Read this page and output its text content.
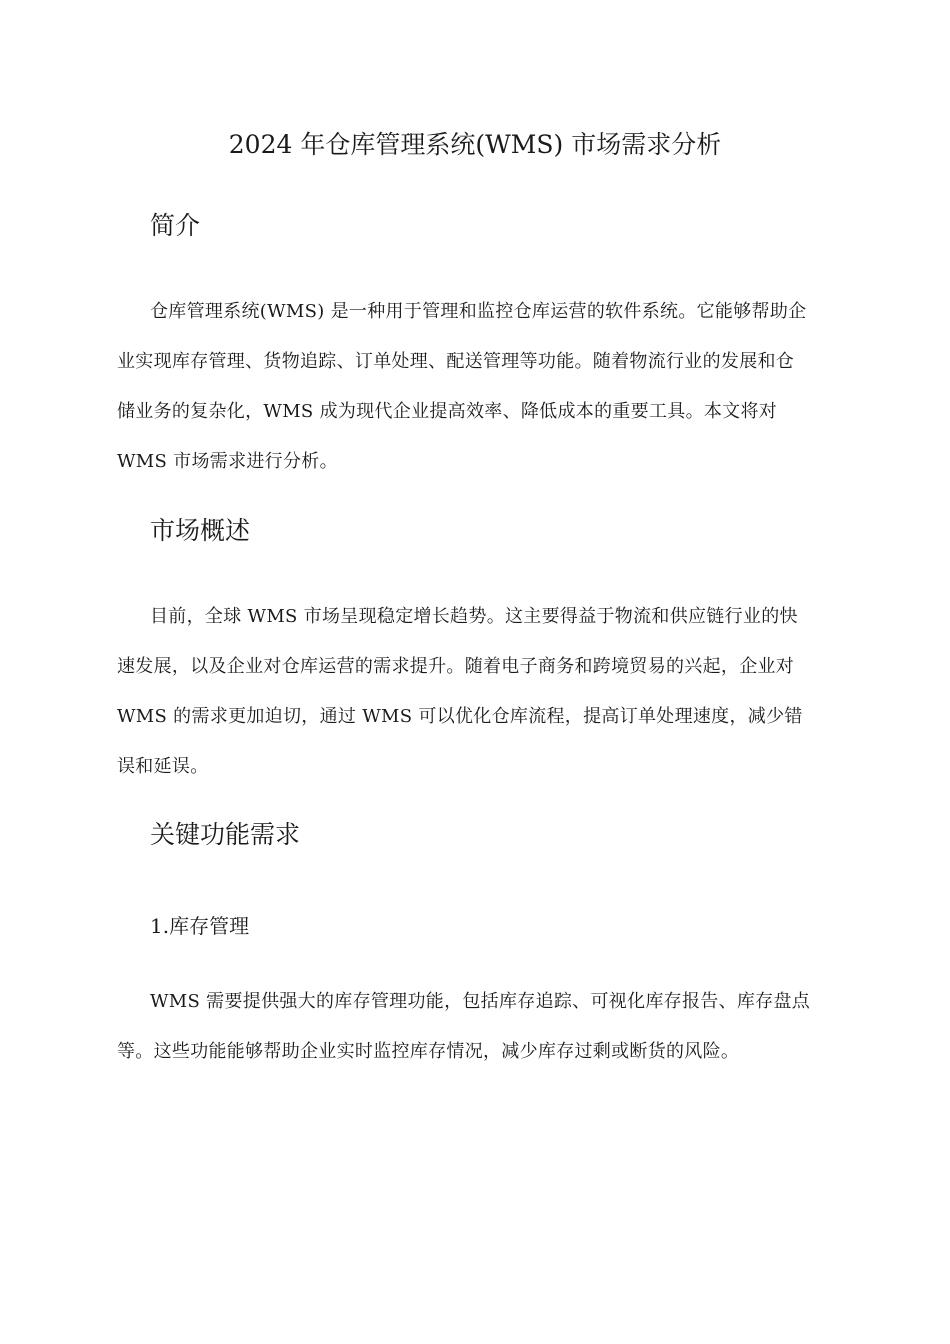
2024 年仓库管理系统(WMS) 市场需求分析
简介
仓库管理系统(WMS) 是一种用于管理和监控仓库运营的软件系统。它能够帮助企
业实现库存管理、货物追踪、订单处理、配送管理等功能。随着物流行业的发展和仓
储业务的复杂化，WMS 成为现代企业提高效率、降低成本的重要工具。本文将对
WMS 市场需求进行分析。
市场概述
目前，全球 WMS 市场呈现稳定增长趋势。这主要得益于物流和供应链行业的快
速发展，以及企业对仓库运营的需求提升。随着电子商务和跨境贸易的兴起，企业对
WMS 的需求更加迫切，通过 WMS 可以优化仓库流程，提高订单处理速度，减少错
误和延误。
关键功能需求
1.库存管理
WMS 需要提供强大的库存管理功能，包括库存追踪、可视化库存报告、库存盘点
等。这些功能能够帮助企业实时监控库存情况，减少库存过剩或断货的风险。
